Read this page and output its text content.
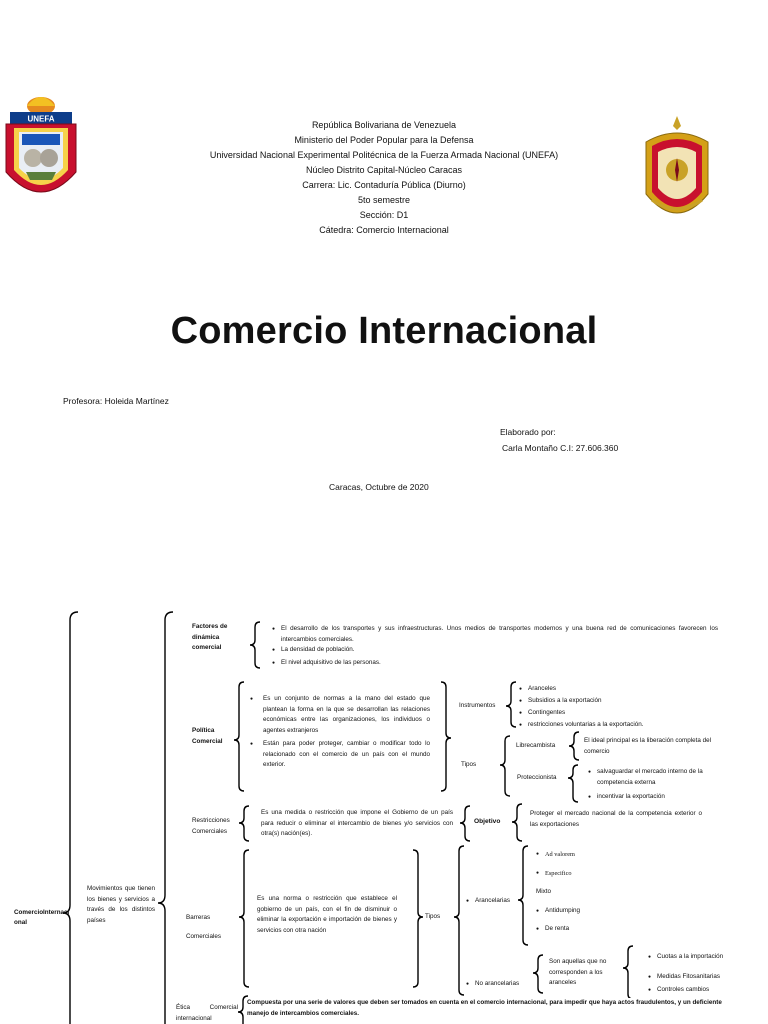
UNEFA
República Bolivariana de Venezuela
Ministerio del Poder Popular para la Defensa
Universidad Nacional Experimental Politécnica de la Fuerza Armada Nacional (UNEFA)
Núcleo Distrito Capital-Núcleo Caracas
Carrera: Lic. Contaduría Pública (Diurno)
5to semestre
Sección: D1
Cátedra: Comercio Internacional
Comercio Internacional
Profesora: Holeida Martínez
Elaborado por:
Carla Montaño C.I: 27.606.360
Caracas, Octubre de 2020
ComercioInternacional
Movimientos que tienen los bienes y servicios a través de los distintos países
Factores de dinámica comercial
● El desarrollo de los transportes y sus infraestructuras. Unos medios de transportes modernos y una buena red de comunicaciones favorecen los intercambios comerciales.
● La densidad de población.
● El nivel adquisitivo de las personas.
Política Comercial
● Es un conjunto de normas a la mano del estado que plantean la forma en la que se desarrollan las relaciones económicas entre las organizaciones, los individuos o agentes extranjeros
● Están para poder proteger, cambiar o modificar todo lo relacionado con el comercio de un país con el mundo exterior.
Instrumentos
● Aranceles
● Subsidios a la exportación
● Contingentes
● restricciones voluntarias a la exportación.
Tipos
Librecambista
El ideal principal es la liberación completa del comercio
Proteccionista
● salvaguardar el mercado interno de la competencia externa
● incentivar la exportación
Restricciones Comerciales
Es una medida o restricción que impone el Gobierno de un país para reducir o eliminar el intercambio de bienes y/o servicios con otra(s) nación(es).
Objetivo
Proteger el mercado nacional de la competencia exterior o las exportaciones
Barreras
Comerciales
Es una norma o restricción que establece el gobierno de un país, con el fin de disminuir o eliminar la exportación e importación de bienes y servicios con otra nación
Tipos
● Arancelarias
● Ad valorem
● Especifico
Mixto
● Antidumping
● De renta
● No arancelarias
Son aquellas que no corresponden a los aranceles
● Cuotas a la importación
● Medidas Fitosanitarias
● Controles cambios
Ética Comercial internacional
Compuesta por una serie de valores que deben ser tomados en cuenta en el comercio internacional, para impedir que haya actos fraudulentos, y un deficiente manejo de intercambios comerciales.
